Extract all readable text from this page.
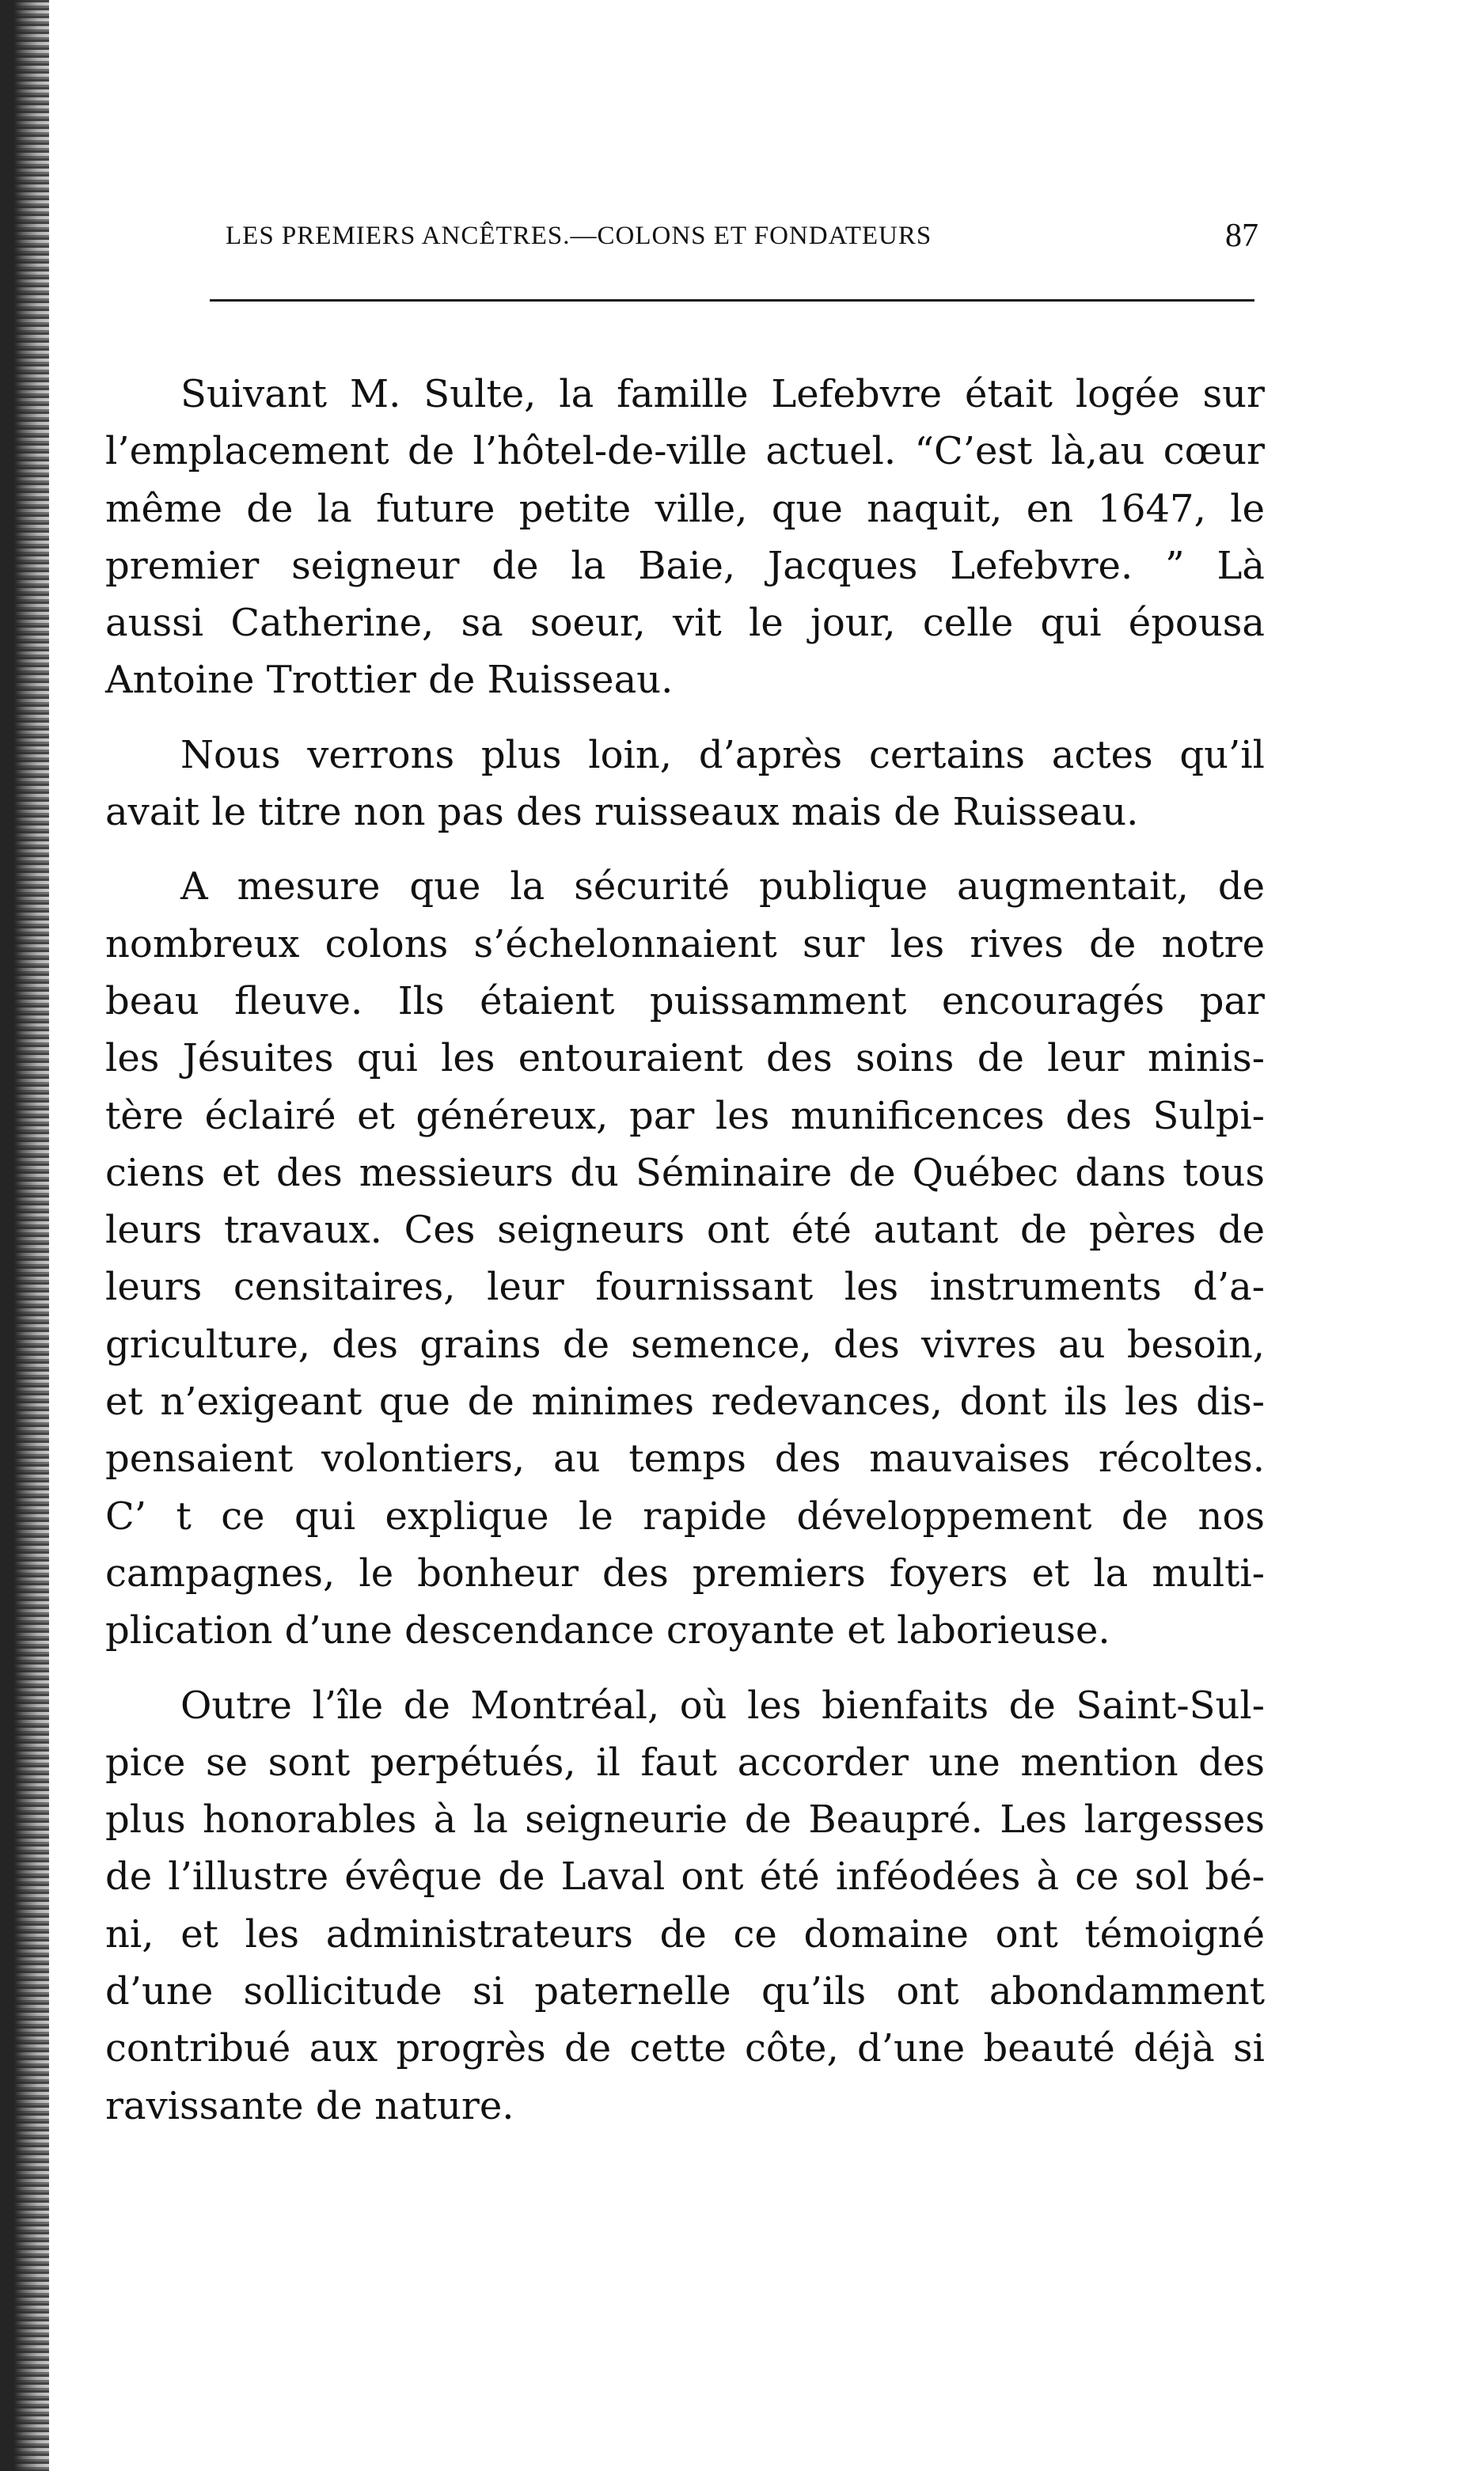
LES PREMIERS ANCÊTRES.—COLONS ET FONDATEURS	87
Suivant M. Sulte, la famille Lefebvre était logée sur
l’emplacement de l’hôtel-de-ville actuel. “C’est là,au cœur
même de la future petite ville, que naquit, en 1647, le
premier seigneur de la Baie, Jacques Lefebvre. ” Là
aussi Catherine, sa soeur, vit le jour, celle qui épousa
Antoine Trottier de Ruisseau.
Nous verrons plus loin, d’après certains actes qu’il
avait le titre non pas des ruisseaux mais de Ruisseau.
A mesure que la sécurité publique augmentait, de
nombreux colons s’échelonnaient sur les rives de notre
beau fleuve. Ils étaient puissamment encouragés par
les Jésuites qui les entouraient des soins de leur minis-
tère éclairé et généreux, par les munificences des Sulpi-
ciens et des messieurs du Séminaire de Québec dans tous
leurs travaux. Ces seigneurs ont été autant de pères de
leurs censitaires, leur fournissant les instruments d’a-
griculture, des grains de semence, des vivres au besoin,
et n’exigeant que de minimes redevances, dont ils les dis-
pensaient volontiers, au temps des mauvaises récoltes.
C’ t ce qui explique le rapide développement de nos
campagnes, le bonheur des premiers foyers et la multi-
plication d’une descendance croyante et laborieuse.
Outre l’île de Montréal, où les bienfaits de Saint-Sul-
pice se sont perpétués, il faut accorder une mention des
plus honorables à la seigneurie de Beaupré. Les largesses
de l’illustre évêque de Laval ont été inféodées à ce sol bé-
ni, et les administrateurs de ce domaine ont témoigné
d’une sollicitude si paternelle qu’ils ont abondamment
contribué aux progrès de cette côte, d’une beauté déjà si
ravissante de nature.
